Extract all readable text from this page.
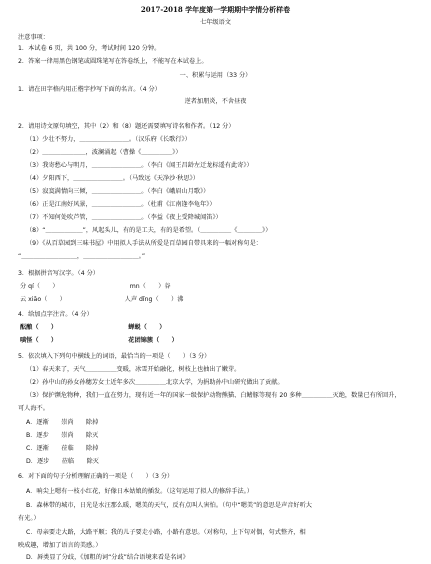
2017-2018 学年度第一学期期中学情分析样卷
七年级语文
注意事项：
1．本试卷 6 页，共 100 分，考试时间 120 分钟。
2．答案一律用黑色钢笔或圆珠笔写在答卷纸上，不能写在本试卷上。
一、积累与运用（33 分）
1．请在田字格内用正楷字抄写下面的名言。（4 分）
逆者加朋炎，不舍昼夜
2．请用诗文原句填空，其中（2）和（8）题还需要填写诗名和作者。（12 分）
（1）少壮不努力，＿＿＿＿＿＿＿＿。（汉乐府《长歌行》）
（2）＿＿＿＿＿＿＿，波澜涌起（曹操《＿＿＿＿＿》）
（3）我寄愁心与明月，＿＿＿＿＿＿＿＿。（李白《闻王昌龄左迁龙标遥有此寄》）
（4）夕阳西下，＿＿＿＿＿＿＿＿。（马致远《天净沙·秋思》）
（5）寂寞满情向三倾，＿＿＿＿＿＿＿＿。（李白《峨眉山月歌》）
（6）正是江南好风景，＿＿＿＿＿＿＿＿。（杜甫《江南逢李龟年》）
（7）不知何处吹芦管，＿＿＿＿＿＿＿＿。（李益《夜上受降城闻笛》）
（8）“＿＿＿＿＿＿”，风起头儿，有的是工夫，有的是希望。（＿＿＿＿＿《＿＿＿＿》）
（9）《从百草园到三味书屋》中用拟人手法从所爱是百草园自带具来的一幅对称句是：
“＿＿＿＿＿＿＿＿＿，＿＿＿＿＿＿＿＿＿。”
3．根据拼音写汉字。（4 分）
分 qí（　　）　　　　　　　　　　　　mn（　　）谷
云 xiāo（　　）　　　　　　　　　　人声 dǐng（　　）沸
4．给加点字注音。（4 分）
酝酿（　　）　　　　　　　　　　　　蝉蜕（　　）
嗔怪（　　）　　　　　　　　　　　　花团锦簇（　　）
5．依次填入下列句中横线上的词语，最恰当的一项是（　　）（3 分）
（1）春天来了，天气＿＿＿＿＿变暖，冰雪开始融化，树枝上也抽出了嫩芽。
（2）孙中山的孙女孙穗芳女士近年多次＿＿＿＿＿北京大学，为捐助孙中山研究做出了贡献。
（3）保护濒危物种，我们一直在努力，现有近一年的国家一级保护动物熊猫、白鳍豚等现有 20 多种＿＿＿＿＿灭绝，数量已有所回升，
可人海不。
A．逐渐　　崇尚　　除掉
B．逐步　　崇尚　　除灭
C．逐渐　　莅临　　除掉
D．逐步　　莅临　　除灭
6．对下面的句子分析理解正确的一项是（　　）（3 分）
A．响尖上嗯有一枝小红花，好像日本姑娘的插发。（这句运用了拟人的修辞手法。）
B．森林带的城市，日光是水汪那么暖，嗯美的天气，反有点叫人害怕。（句中“嗯美”的意思是声音好听大
有光。）
C．母亲要走大路，大路平顺；我的儿子要走小路，小路有意思。（对称句，上下句对偶，句式整齐，相
映成趣，增加了语言的美感。）
D．唇类显了分歧，《加粗的词“分歧”结合语境来看是名词》
